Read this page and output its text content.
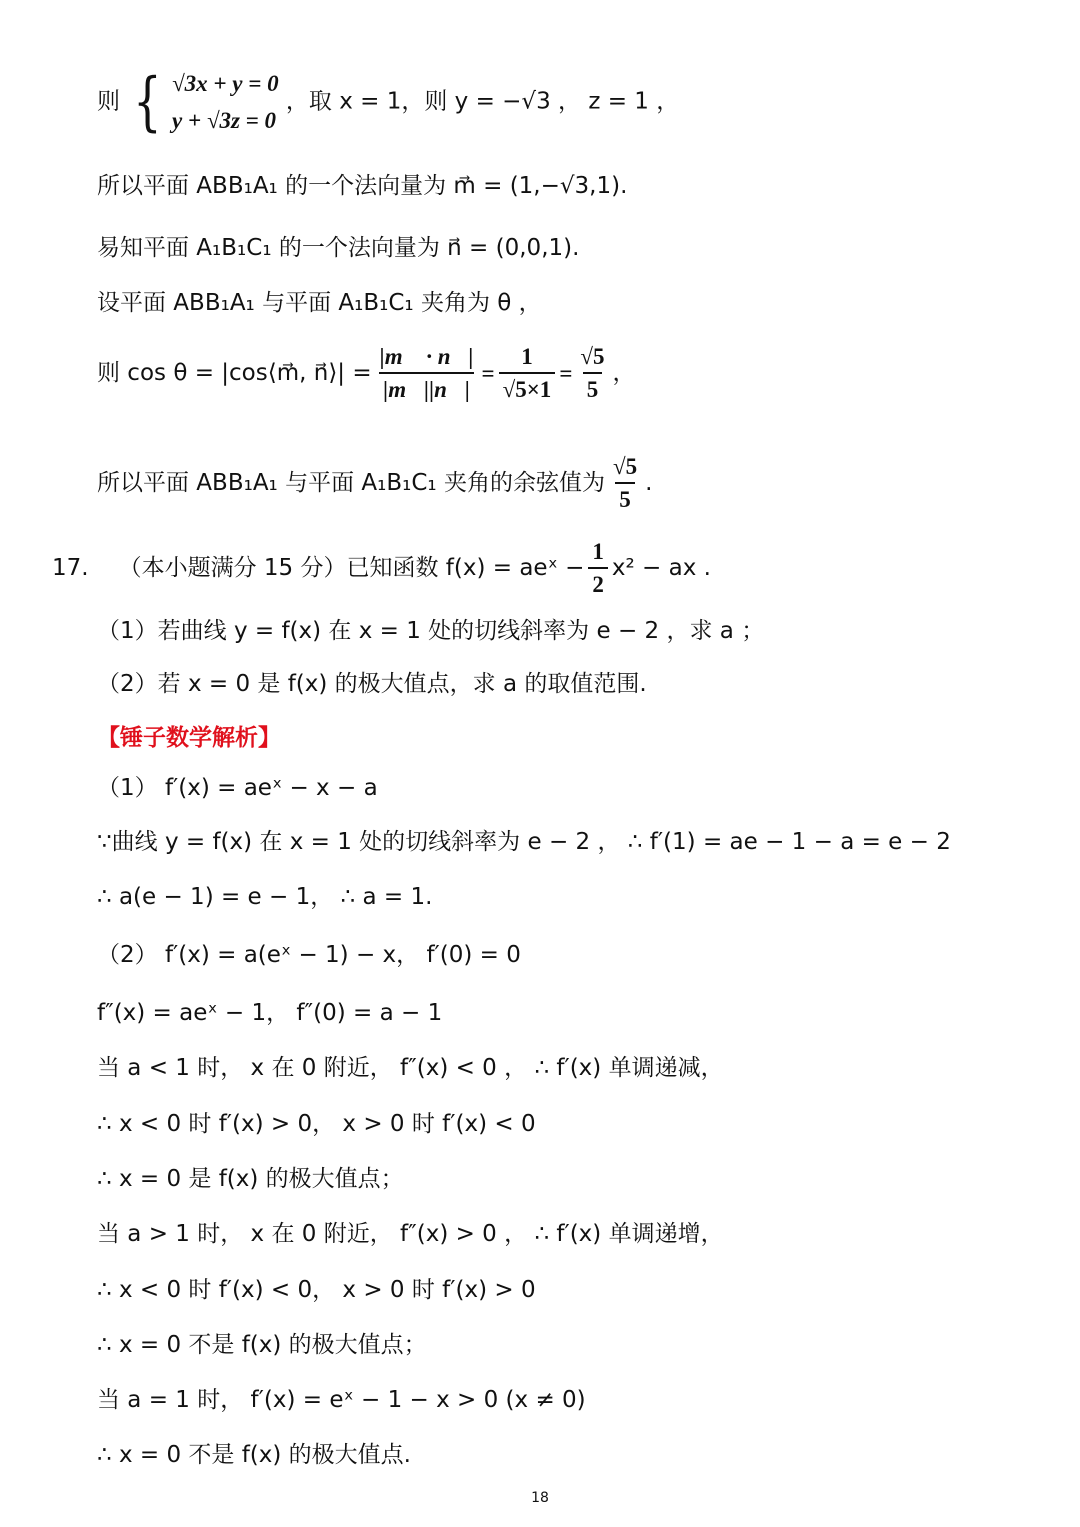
则 { √3x + y = 0
y + √3z = 0
，取 x = 1，则 y = −√3 ， z = 1 ，
所以平面 ABB₁A₁ 的一个法向量为 m⃗ = (1,−√3,1).
易知平面 A₁B₁C₁ 的一个法向量为 n⃗ = (0,0,1).
设平面 ABB₁A₁ 与平面 A₁B₁C₁ 夹角为 θ ，
则 cos θ = |cos⟨m⃗, n⃗⟩| = $\frac{|m⃗ \cdot n⃗|}{|m⃗||n⃗|} = \frac{1}{√5\times 1} = \frac{√5}{5}$ ，
所以平面 ABB₁A₁ 与平面 A₁B₁C₁ 夹角的余弦值为 $\frac{√5}{5}$ .
17. （本小题满分 15 分）已知函数 f(x) = aeˣ − $\frac{1}{2} x^2$ − ax .
（1）若曲线 y = f(x) 在 x = 1 处的切线斜率为 e − 2 ，求 a ；
（2）若 x = 0 是 f(x) 的极大值点，求 a 的取值范围.
【锤子数学解析】
（1） f′(x) = aeˣ − x − a
∵曲线 y = f(x) 在 x = 1 处的切线斜率为 e − 2 ， ∴ f′(1) = ae − 1 − a = e − 2
∴ a(e − 1) = e − 1， ∴ a = 1.
（2） f′(x) = a(eˣ − 1) − x， f′(0) = 0
f″(x) = aeˣ − 1， f″(0) = a − 1
当 a < 1 时， x 在 0 附近， f″(x) < 0 ， ∴ f′(x) 单调递减，
∴ x < 0 时 f′(x) > 0， x > 0 时 f′(x) < 0
∴ x = 0 是 f(x) 的极大值点；
当 a > 1 时， x 在 0 附近， f″(x) > 0 ， ∴ f′(x) 单调递增，
∴ x < 0 时 f′(x) < 0， x > 0 时 f′(x) > 0
∴ x = 0 不是 f(x) 的极大值点；
当 a = 1 时， f′(x) = eˣ − 1 − x > 0 (x ≠ 0)
∴ x = 0 不是 f(x) 的极大值点.
18
